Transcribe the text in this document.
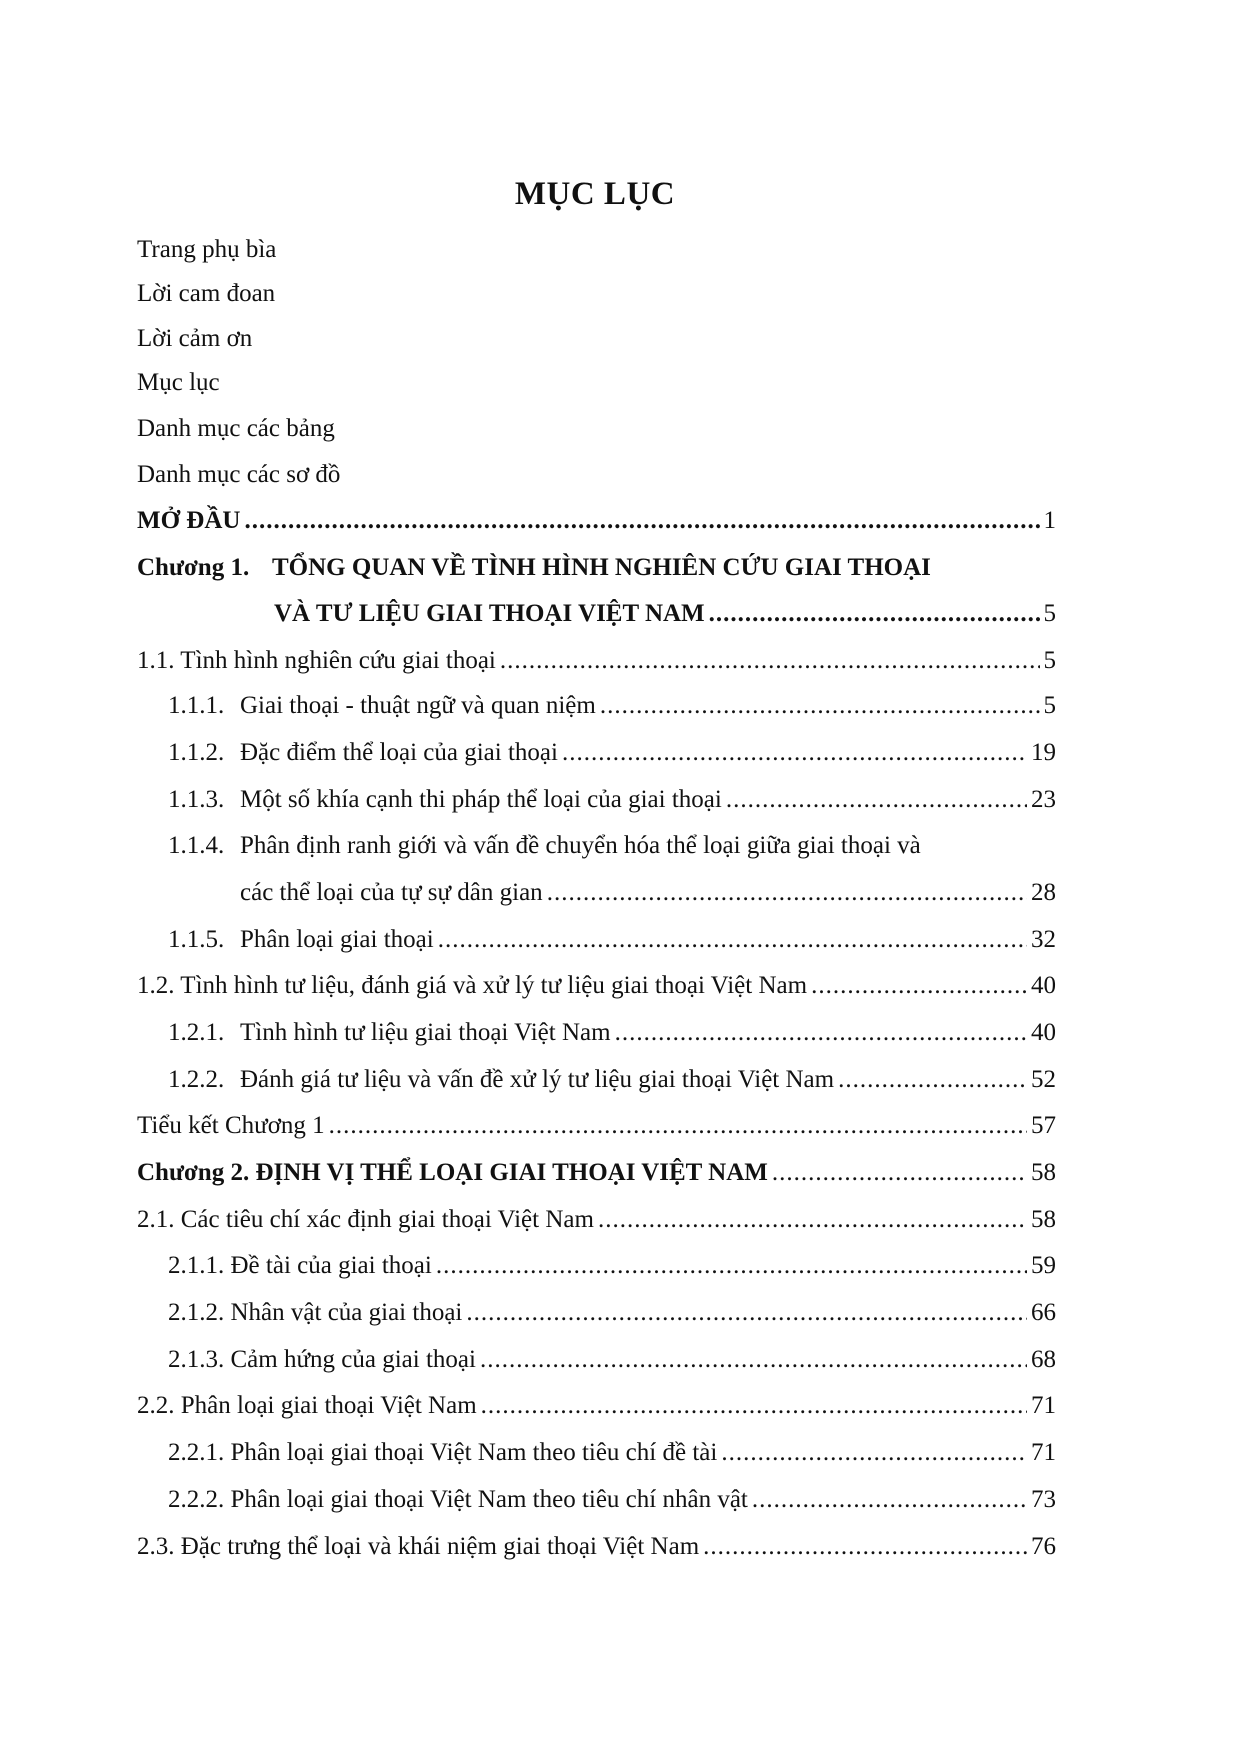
MỤC LỤC
Trang phụ bìa
Lời cam đoan
Lời cảm ơn
Mục lục
Danh mục các bảng
Danh mục các sơ đồ
MỞ ĐẦU .....	1
Chương 1. TỔNG QUAN VỀ TÌNH HÌNH NGHIÊN CỨU GIAI THOẠI
VÀ TƯ LIỆU GIAI THOẠI VIỆT NAM .....	5
1.1. Tình hình nghiên cứu giai thoại .....	5
1.1.1. Giai thoại - thuật ngữ và quan niệm .....	5
1.1.2. Đặc điểm thể loại của giai thoại .....	19
1.1.3. Một số khía cạnh thi pháp thể loại của giai thoại .....	23
1.1.4. Phân định ranh giới và vấn đề chuyển hóa thể loại giữa giai thoại và
các thể loại của tự sự dân gian .....	28
1.1.5. Phân loại giai thoại .....	32
1.2. Tình hình tư liệu, đánh giá và xử lý tư liệu giai thoại Việt Nam .....	40
1.2.1. Tình hình tư liệu giai thoại Việt Nam .....	40
1.2.2. Đánh giá tư liệu và vấn đề xử lý tư liệu giai thoại Việt Nam .....	52
Tiểu kết Chương 1 .....	57
Chương 2. ĐỊNH VỊ THỂ LOẠI GIAI THOẠI VIỆT NAM .....	58
2.1. Các tiêu chí xác định giai thoại Việt Nam .....	58
2.1.1. Đề tài của giai thoại .....	59
2.1.2. Nhân vật của giai thoại .....	66
2.1.3. Cảm hứng của giai thoại .....	68
2.2. Phân loại giai thoại Việt Nam .....	71
2.2.1. Phân loại giai thoại Việt Nam theo tiêu chí đề tài .....	71
2.2.2. Phân loại giai thoại Việt Nam theo tiêu chí nhân vật .....	73
2.3. Đặc trưng thể loại và khái niệm giai thoại Việt Nam .....	76
